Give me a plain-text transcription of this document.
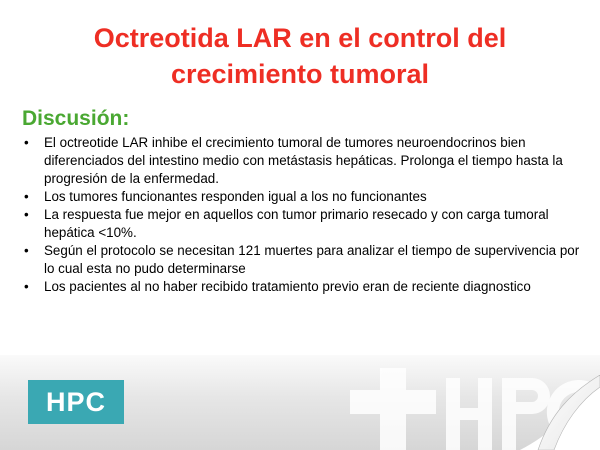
Octreotida LAR en el control del
crecimiento tumoral
Discusión:
• El octreotide LAR inhibe el crecimiento tumoral de tumores neuroendocrinos bien diferenciados del intestino medio con metástasis hepáticas. Prolonga el tiempo hasta la progresión de la enfermedad.
• Los tumores funcionantes responden igual a los no funcionantes
• La respuesta fue mejor en aquellos con tumor primario resecado y con carga tumoral hepática <10%.
• Según el protocolo se necesitan 121 muertes para analizar el tiempo de supervivencia por lo cual esta no pudo determinarse
• Los pacientes al no haber recibido tratamiento previo eran de reciente diagnostico
HPC
